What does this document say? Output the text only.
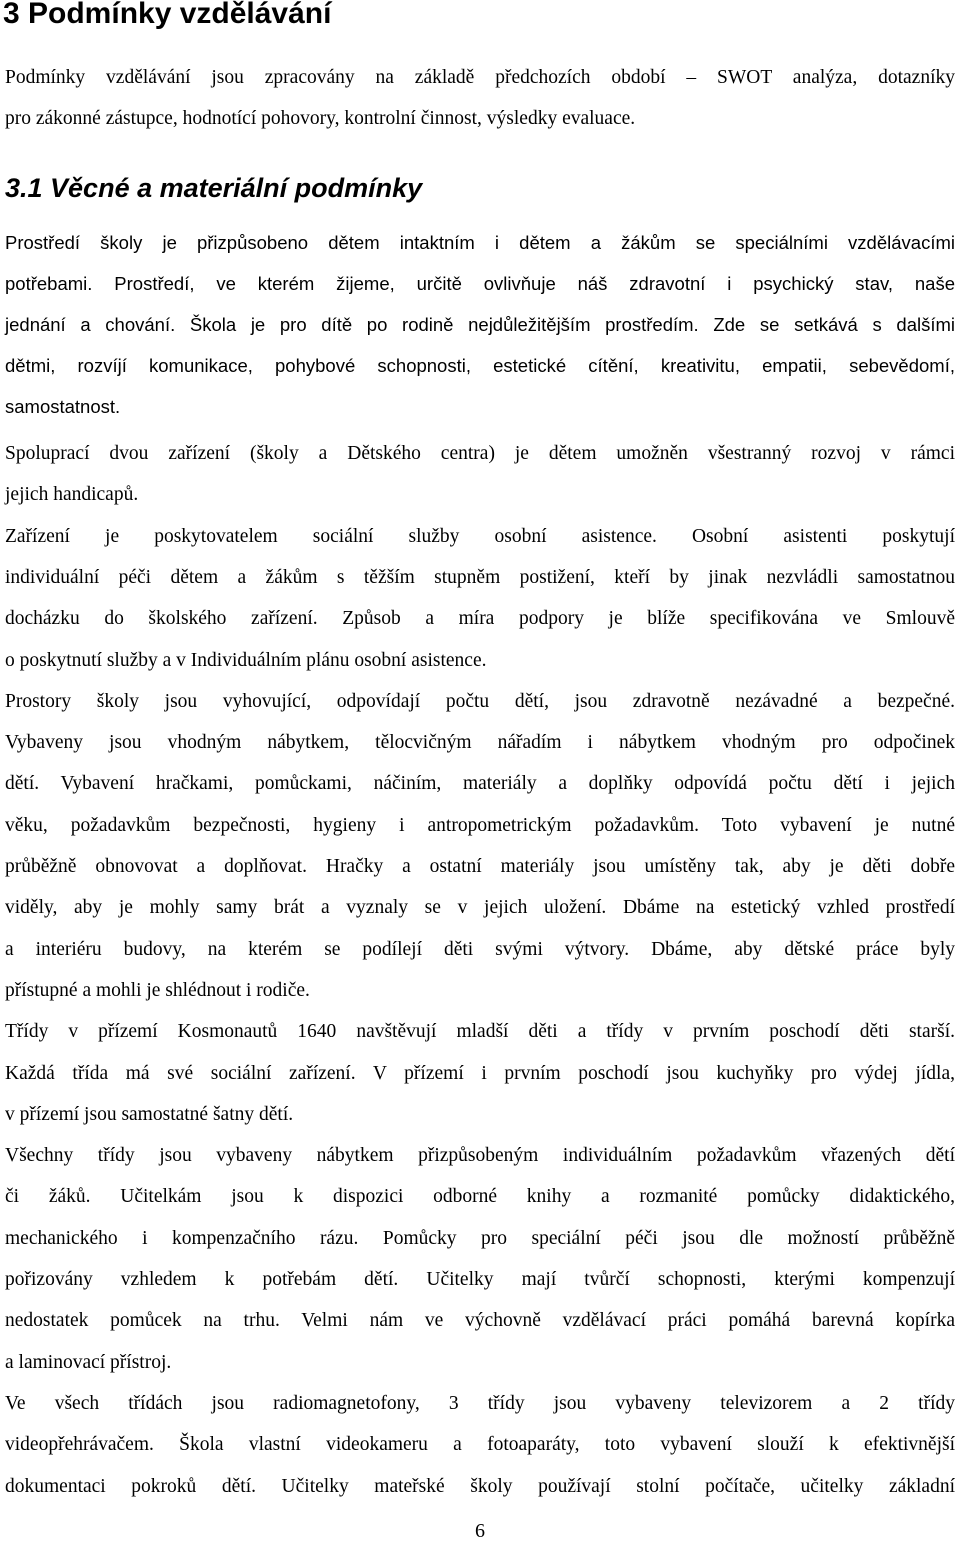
3 Podmínky vzdělávání
Podmínky vzdělávání jsou zpracovány na základě předchozích období – SWOT analýza, dotazníky
pro zákonné zástupce, hodnotící pohovory, kontrolní činnost, výsledky evaluace.
3.1 Věcné a materiální podmínky
Prostředí školy je přizpůsobeno dětem intaktním i dětem a žákům se speciálními vzdělávacími
potřebami. Prostředí, ve kterém žijeme, určitě ovlivňuje náš zdravotní i psychický stav, naše
jednání a chování. Škola je pro dítě po rodině nejdůležitějším prostředím. Zde se setkává s dalšími
dětmi, rozvíjí komunikace, pohybové schopnosti, estetické cítění, kreativitu, empatii, sebevědomí,
samostatnost.
Spoluprací dvou zařízení (školy a Dětského centra) je dětem umožněn všestranný rozvoj v rámci
jejich handicapů.
Zařízení je poskytovatelem sociální služby osobní asistence. Osobní asistenti poskytují
individuální péči dětem a žákům s těžším stupněm postižení, kteří by jinak nezvládli samostatnou
docházku do školského zařízení. Způsob a míra podpory je blíže specifikována ve Smlouvě
o poskytnutí služby a v Individuálním plánu osobní asistence.
Prostory školy jsou vyhovující, odpovídají počtu dětí, jsou zdravotně nezávadné a bezpečné.
Vybaveny jsou vhodným nábytkem, tělocvičným nářadím i nábytkem vhodným pro odpočinek
dětí. Vybavení hračkami, pomůckami, náčiním, materiály a doplňky odpovídá počtu dětí i jejich
věku, požadavkům bezpečnosti, hygieny i antropometrickým požadavkům. Toto vybavení je nutné
průběžně obnovovat a doplňovat. Hračky a ostatní materiály jsou umístěny tak, aby je děti dobře
viděly, aby je mohly samy brát a vyznaly se v jejich uložení. Dbáme na estetický vzhled prostředí
a interiéru budovy, na kterém se podílejí děti svými výtvory. Dbáme, aby dětské práce byly
přístupné a mohli je shlédnout i rodiče.
Třídy v přízemí Kosmonautů 1640 navštěvují mladší děti a třídy v prvním poschodí děti starší.
Každá třída má své sociální zařízení. V přízemí i prvním poschodí jsou kuchyňky pro výdej jídla,
v přízemí jsou samostatné šatny dětí.
Všechny třídy jsou vybaveny nábytkem přizpůsobeným individuálním požadavkům vřazených dětí
či žáků. Učitelkám jsou k dispozici odborné knihy a rozmanité pomůcky didaktického,
mechanického i kompenzačního rázu. Pomůcky pro speciální péči jsou dle možností průběžně
pořizovány vzhledem k potřebám dětí. Učitelky mají tvůrčí schopnosti, kterými kompenzují
nedostatek pomůcek na trhu. Velmi nám ve výchovně vzdělávací práci pomáhá barevná kopírka
a laminovací přístroj.
Ve všech třídách jsou radiomagnetofony, 3 třídy jsou vybaveny televizorem a 2 třídy
videopřehrávačem. Škola vlastní videokameru a fotoaparáty, toto vybavení slouží k efektivnější
dokumentaci pokroků dětí. Učitelky mateřské školy používají stolní počítače, učitelky základní
6
